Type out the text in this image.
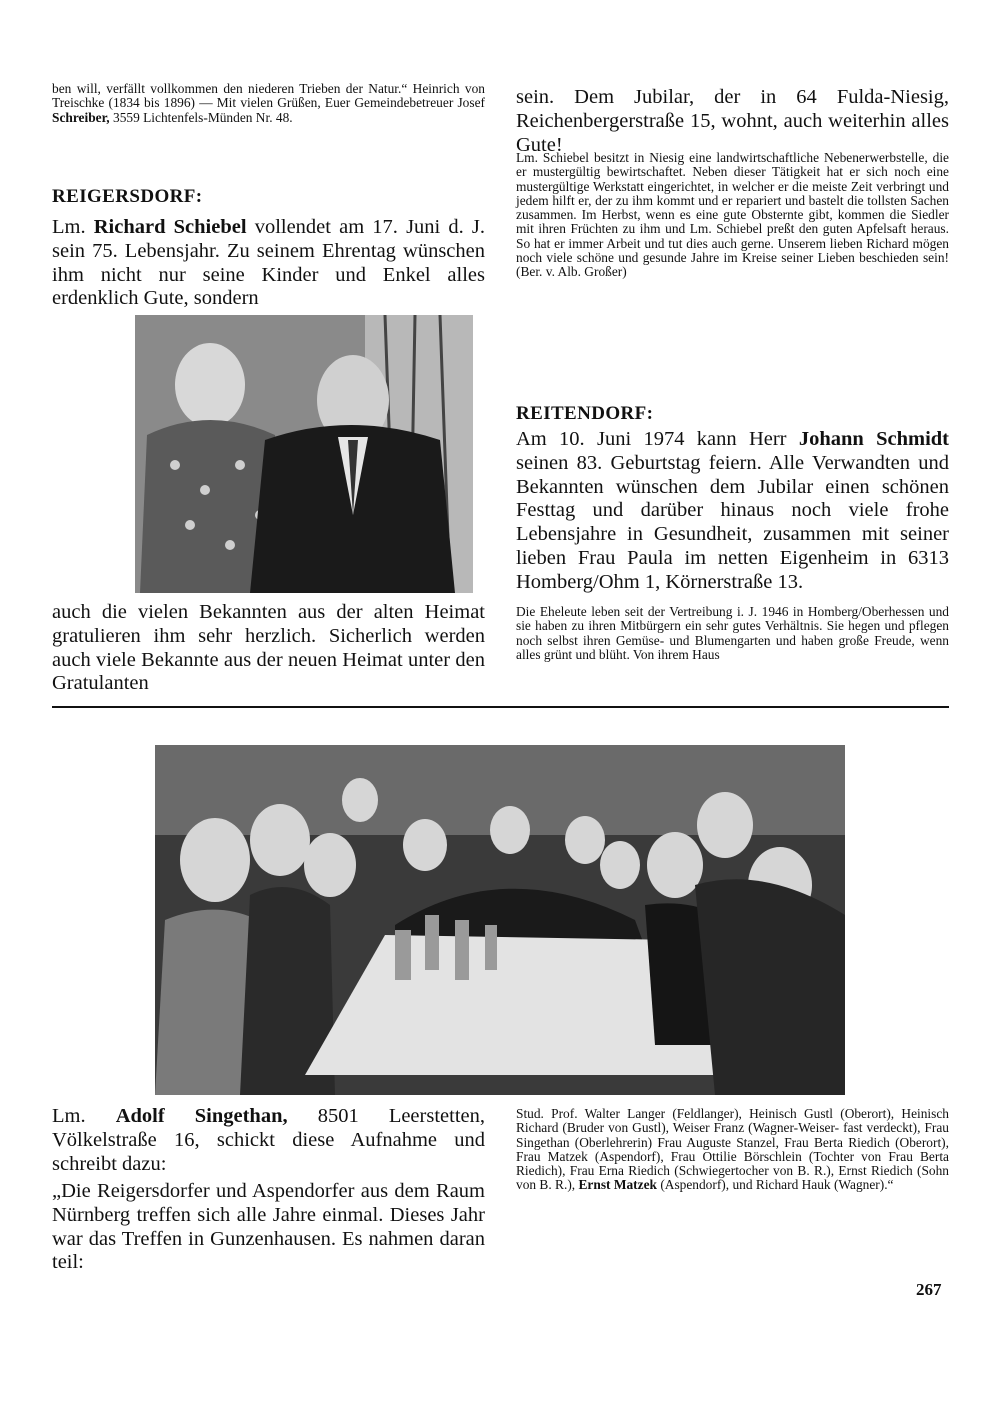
ben will, verfällt vollkommen den niederen Trieben der Natur.“ Heinrich von Treischke (1834 bis 1896) — Mit vielen Grüßen, Euer Gemeindebetreuer Josef Schreiber, 3559 Lichtenfels-Münden Nr. 48.
REIGERSDORF:
Lm. Richard Schiebel vollendet am 17. Juni d. J. sein 75. Lebensjahr. Zu seinem Ehrentag wünschen ihm nicht nur seine Kinder und Enkel alles erdenklich Gute, sondern
auch die vielen Bekannten aus der alten Heimat gratulieren ihm sehr herzlich. Sicherlich werden auch viele Bekannte aus der neuen Heimat unter den Gratulanten
sein. Dem Jubilar, der in 64 Fulda-Niesig, Reichenbergerstraße 15, wohnt, auch weiterhin alles Gute!
Lm. Schiebel besitzt in Niesig eine landwirtschaftliche Nebenerwerbstelle, die er mustergültig bewirtschaftet. Neben dieser Tätigkeit hat er sich noch eine mustergültige Werkstatt eingerichtet, in welcher er die meiste Zeit verbringt und jedem hilft er, der zu ihm kommt und er repariert und bastelt die tollsten Sachen zusammen. Im Herbst, wenn es eine gute Obsternte gibt, kommen die Siedler mit ihren Früchten zu ihm und Lm. Schiebel preßt den guten Apfelsaft heraus. So hat er immer Arbeit und tut dies auch gerne. Unserem lieben Richard mögen noch viele schöne und gesunde Jahre im Kreise seiner Lieben beschieden sein! (Ber. v. Alb. Großer)
REITENDORF:
Am 10. Juni 1974 kann Herr Johann Schmidt seinen 83. Geburtstag feiern. Alle Verwandten und Bekannten wünschen dem Jubilar einen schönen Festtag und darüber hinaus noch viele frohe Lebensjahre in Gesundheit, zusammen mit seiner lieben Frau Paula im netten Eigenheim in 6313 Homberg/Ohm 1, Körnerstraße 13.
Die Eheleute leben seit der Vertreibung i. J. 1946 in Homberg/Oberhessen und sie haben zu ihren Mitbürgern ein sehr gutes Verhältnis. Sie hegen und pflegen noch selbst ihren Gemüse- und Blumengarten und haben große Freude, wenn alles grünt und blüht. Von ihrem Haus
Lm. Adolf Singethan, 8501 Leerstetten, Völkelstraße 16, schickt diese Aufnahme und schreibt dazu:
„Die Reigersdorfer und Aspendorfer aus dem Raum Nürnberg treffen sich alle Jahre einmal. Dieses Jahr war das Treffen in Gunzenhausen. Es nahmen daran teil:
Stud. Prof. Walter Langer (Feldlanger), Heinisch Gustl (Oberort), Heinisch Richard (Bruder von Gustl), Weiser Franz (Wagner-Weiser- fast verdeckt), Frau Singethan (Oberlehrerin) Frau Auguste Stanzel, Frau Berta Riedich (Oberort), Frau Matzek (Aspendorf), Frau Ottilie Börschlein (Tochter von Frau Berta Riedich), Frau Erna Riedich (Schwiegertocher von B. R.), Ernst Riedich (Sohn von B. R.), Ernst Matzek (Aspendorf), und Richard Hauk (Wagner).“
267
